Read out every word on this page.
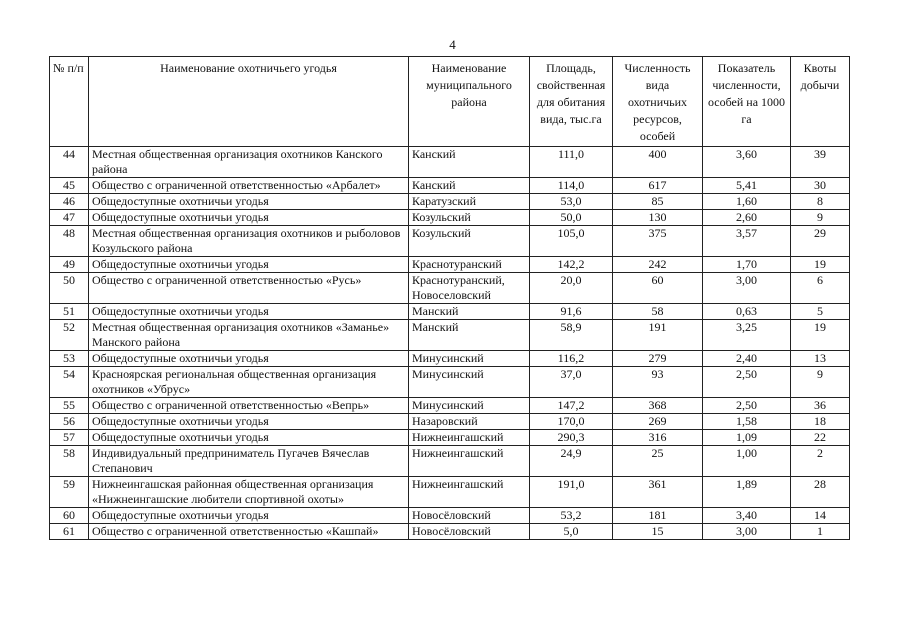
4
№ п/п	Наименование охотничьего угодья	Наименование муниципального района	Площадь, свойственная для обитания вида, тыс.га	Численность вида охотничьих ресурсов, особей	Показатель численности, особей на 1000 га	Квоты добычи
44	Местная общественная организация охотников Канского района	Канский	111,0	400	3,60	39
45	Общество с ограниченной ответственностью «Арбалет»	Канский	114,0	617	5,41	30
46	Общедоступные охотничьи угодья	Каратузский	53,0	85	1,60	8
47	Общедоступные охотничьи угодья	Козульский	50,0	130	2,60	9
48	Местная общественная организация охотников и рыболовов Козульского района	Козульский	105,0	375	3,57	29
49	Общедоступные охотничьи угодья	Краснотуранский	142,2	242	1,70	19
50	Общество с ограниченной ответственностью «Русь»	Краснотуранский, Новоселовский	20,0	60	3,00	6
51	Общедоступные охотничьи угодья	Манский	91,6	58	0,63	5
52	Местная общественная организация охотников «Заманье» Манского района	Манский	58,9	191	3,25	19
53	Общедоступные охотничьи угодья	Минусинский	116,2	279	2,40	13
54	Красноярская региональная общественная организация охотников «Убрус»	Минусинский	37,0	93	2,50	9
55	Общество с ограниченной ответственностью «Вепрь»	Минусинский	147,2	368	2,50	36
56	Общедоступные охотничьи угодья	Назаровский	170,0	269	1,58	18
57	Общедоступные охотничьи угодья	Нижнеингашский	290,3	316	1,09	22
58	Индивидуальный предприниматель Пугачев Вячеслав Степанович	Нижнеингашский	24,9	25	1,00	2
59	Нижнеингашская районная общественная организация «Нижнеингашские любители спортивной охоты»	Нижнеингашский	191,0	361	1,89	28
60	Общедоступные охотничьи угодья	Новосёловский	53,2	181	3,40	14
61	Общество с ограниченной ответственностью «Кашпай»	Новосёловский	5,0	15	3,00	1
